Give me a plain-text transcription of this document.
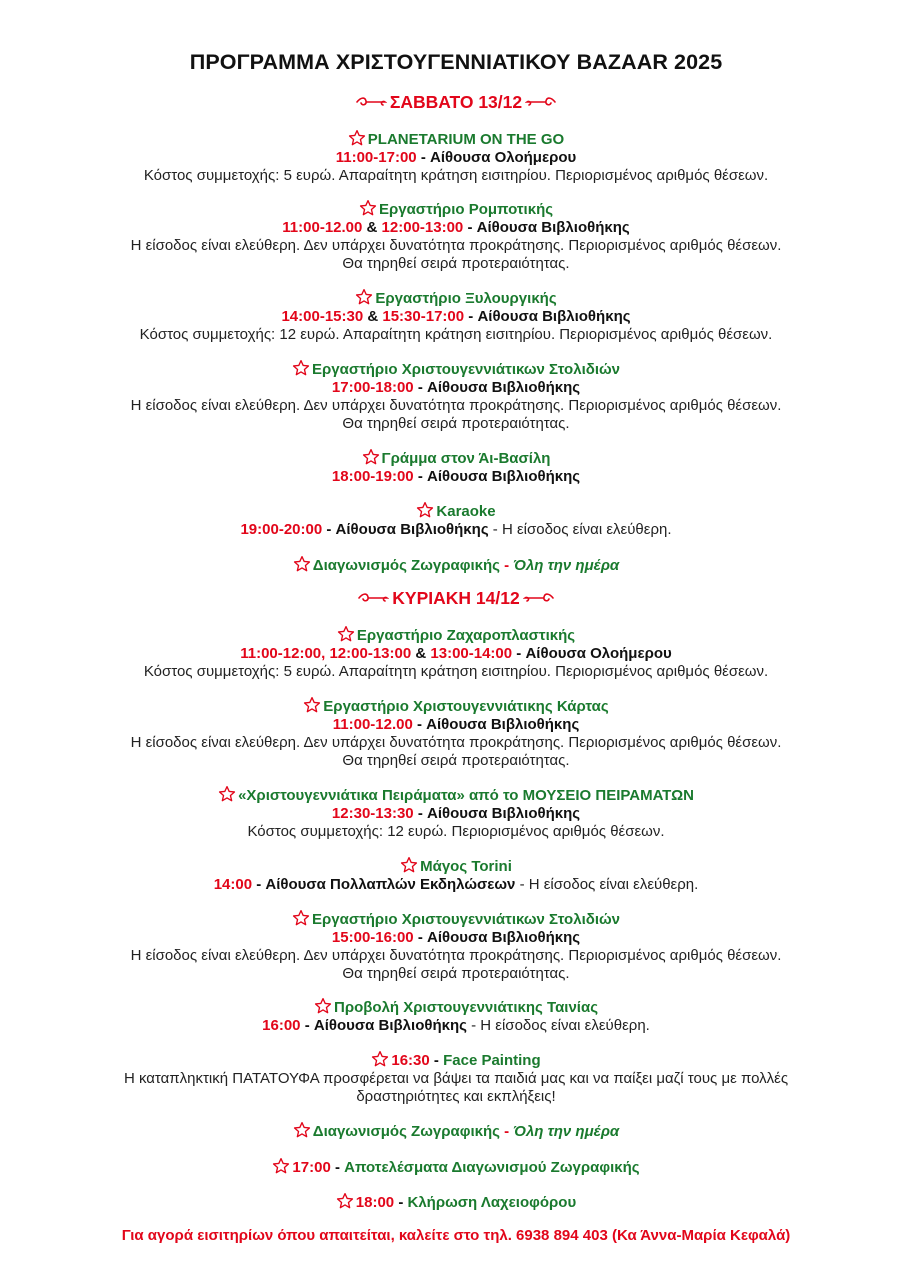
ΠΡΟΓΡΑΜΜΑ ΧΡΙΣΤΟΥΓΕΝΝΙΑΤΙΚΟΥ BAZAAR 2025
ΣΑΒΒΑΤΟ 13/12
PLANETARIUM ON THE GO
11:00-17:00 - Αίθουσα Ολοήμερου
Κόστος συμμετοχής: 5 ευρώ. Απαραίτητη κράτηση εισιτηρίου. Περιορισμένος αριθμός θέσεων.
Εργαστήριο Ρομποτικής
11:00-12.00 & 12:00-13:00 - Αίθουσα Βιβλιοθήκης
Η είσοδος είναι ελεύθερη. Δεν υπάρχει δυνατότητα προκράτησης. Περιορισμένος αριθμός θέσεων.
Θα τηρηθεί σειρά προτεραιότητας.
Εργαστήριο Ξυλουργικής
14:00-15:30 & 15:30-17:00 - Αίθουσα Βιβλιοθήκης
Κόστος συμμετοχής: 12 ευρώ. Απαραίτητη κράτηση εισιτηρίου. Περιορισμένος αριθμός θέσεων.
Εργαστήριο Χριστουγεννιάτικων Στολιδιών
17:00-18:00 - Αίθουσα Βιβλιοθήκης
Η είσοδος είναι ελεύθερη. Δεν υπάρχει δυνατότητα προκράτησης. Περιορισμένος αριθμός θέσεων.
Θα τηρηθεί σειρά προτεραιότητας.
Γράμμα στον Άι-Βασίλη
18:00-19:00 - Αίθουσα Βιβλιοθήκης
Karaoke
19:00-20:00 - Αίθουσα Βιβλιοθήκης - Η είσοδος είναι ελεύθερη.
Διαγωνισμός Ζωγραφικής - Όλη την ημέρα
ΚΥΡΙΑΚΗ 14/12
Εργαστήριο Ζαχαροπλαστικής
11:00-12:00, 12:00-13:00 & 13:00-14:00 - Αίθουσα Ολοήμερου
Κόστος συμμετοχής: 5 ευρώ. Απαραίτητη κράτηση εισιτηρίου. Περιορισμένος αριθμός θέσεων.
Εργαστήριο Χριστουγεννιάτικης Κάρτας
11:00-12.00 - Αίθουσα Βιβλιοθήκης
Η είσοδος είναι ελεύθερη. Δεν υπάρχει δυνατότητα προκράτησης. Περιορισμένος αριθμός θέσεων.
Θα τηρηθεί σειρά προτεραιότητας.
«Χριστουγεννιάτικα Πειράματα» από το ΜΟΥΣΕΙΟ ΠΕΙΡΑΜΑΤΩΝ
12:30-13:30 - Αίθουσα Βιβλιοθήκης
Κόστος συμμετοχής: 12 ευρώ. Περιορισμένος αριθμός θέσεων.
Μάγος Torini
14:00 - Αίθουσα Πολλαπλών Εκδηλώσεων - Η είσοδος είναι ελεύθερη.
Εργαστήριο Χριστουγεννιάτικων Στολιδιών
15:00-16:00 - Αίθουσα Βιβλιοθήκης
Η είσοδος είναι ελεύθερη. Δεν υπάρχει δυνατότητα προκράτησης. Περιορισμένος αριθμός θέσεων.
Θα τηρηθεί σειρά προτεραιότητας.
Προβολή Χριστουγεννιάτικης Ταινίας
16:00 - Αίθουσα Βιβλιοθήκης - Η είσοδος είναι ελεύθερη.
16:30 - Face Painting
Η καταπληκτική ΠΑΤΑΤΟΥΦΑ προσφέρεται να βάψει τα παιδιά μας και να παίξει μαζί τους με πολλές
δραστηριότητες και εκπλήξεις!
Διαγωνισμός Ζωγραφικής - Όλη την ημέρα
17:00 - Αποτελέσματα Διαγωνισμού Ζωγραφικής
18:00 - Κλήρωση Λαχειοφόρου
Για αγορά εισιτηρίων όπου απαιτείται, καλείτε στο τηλ. 6938 894 403 (Κα Άννα-Μαρία Κεφαλά)
